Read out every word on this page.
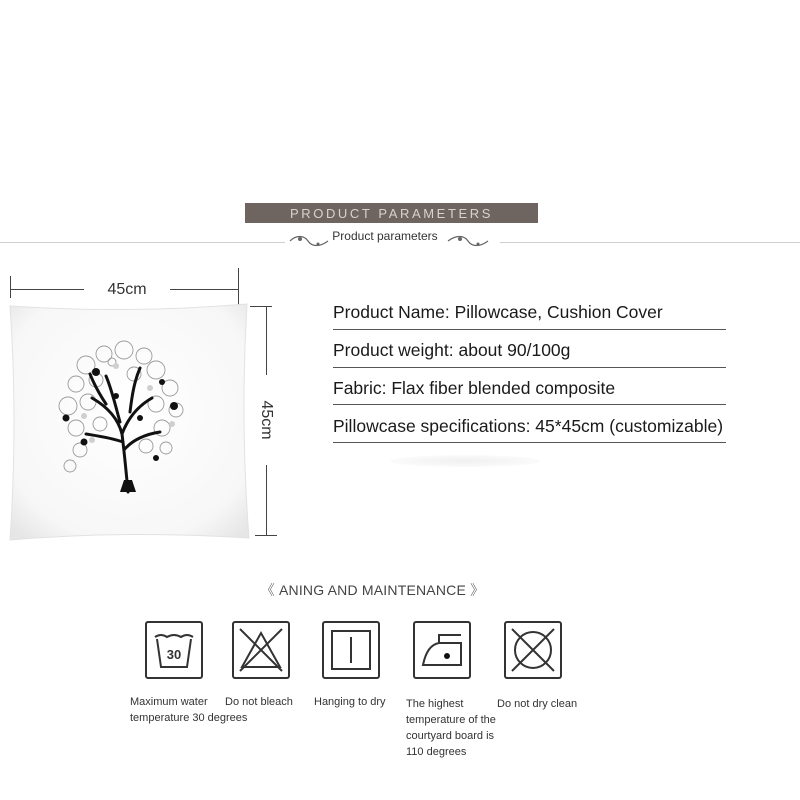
PRODUCT PARAMETERS
Product parameters
45cm
45cm
Product Name: Pillowcase, Cushion Cover
Product weight: about 90/100g
Fabric: Flax fiber blended composite
Pillowcase specifications: 45*45cm (customizable)
《 ANING AND MAINTENANCE 》
30
Maximum water temperature 30 degrees
Do not bleach	Hanging to dry	The highest temperature of the courtyard board is 110 degrees
Do not dry clean
